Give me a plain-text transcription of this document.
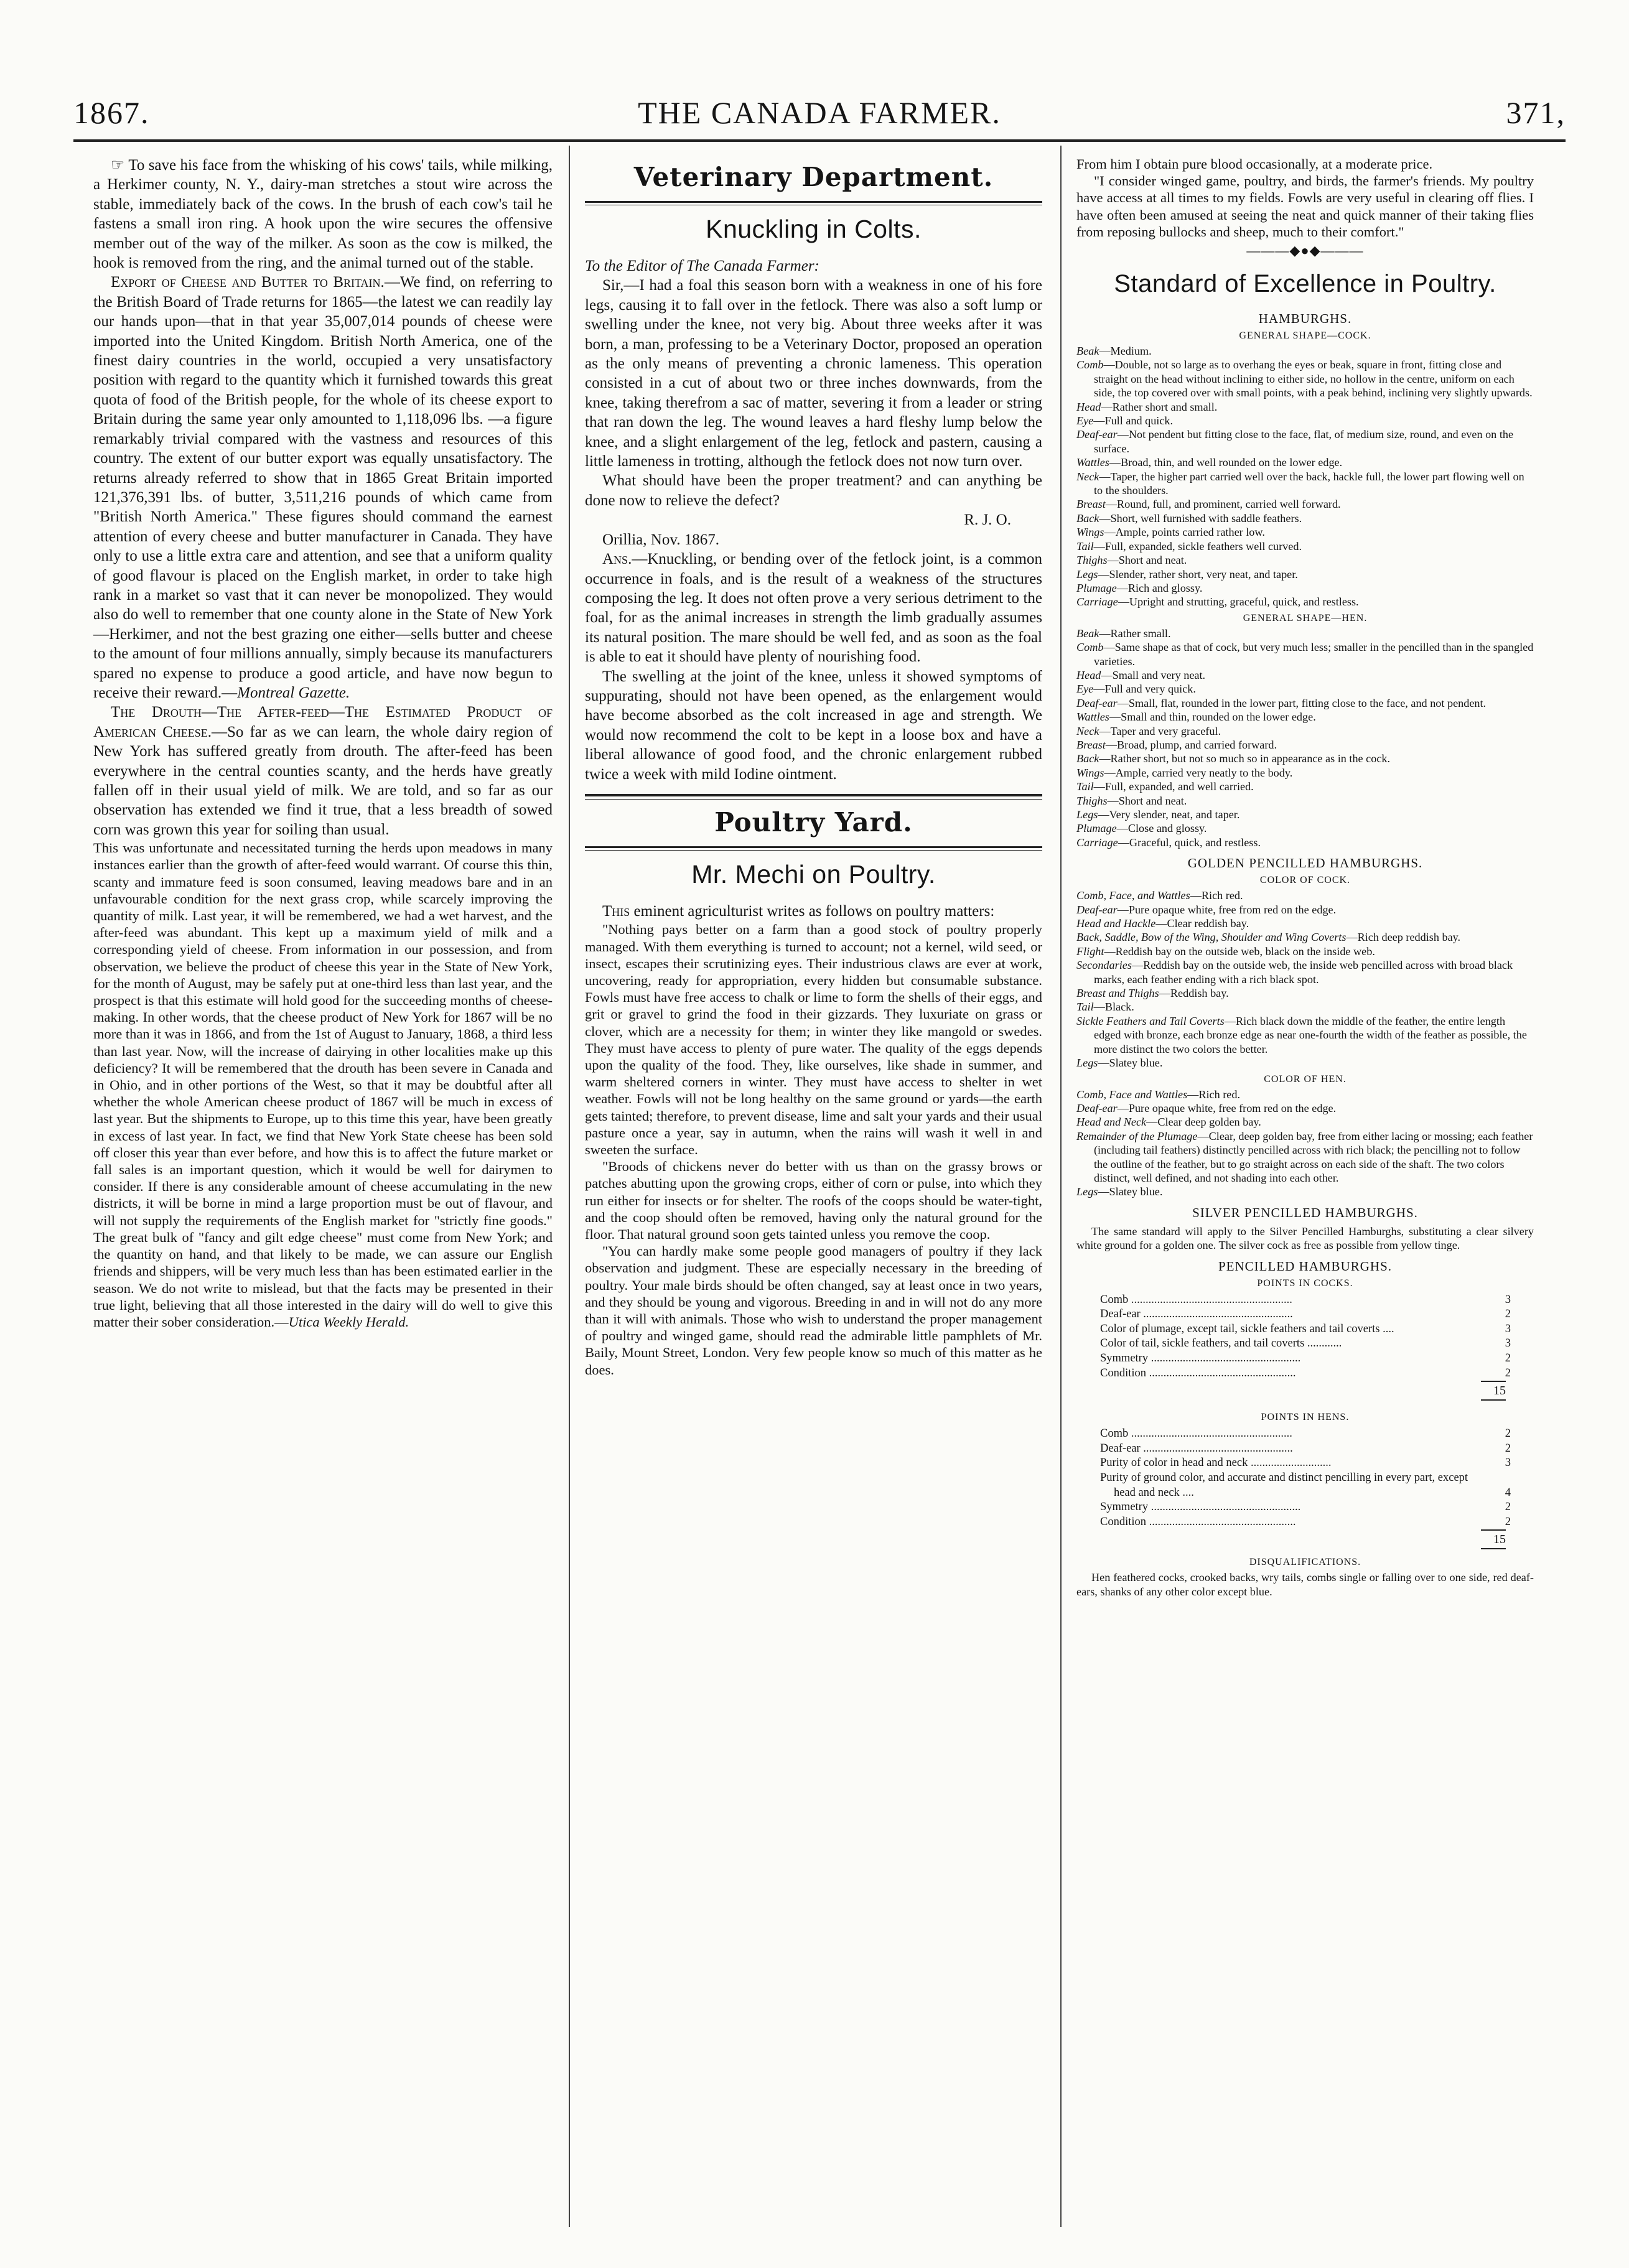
THE CANADA FARMER.
1867.	371,

☞ To save his face from the whisking of his cows' tails, while milking, a Herkimer county, N. Y., dairy-man stretches a stout wire across the stable, immediately back of the cows. In the brush of each cow's tail he fastens a small iron ring. A hook upon the wire secures the offensive member out of the way of the milker. As soon as the cow is milked, the hook is removed from the ring, and the animal turned out of the stable.

Export of Cheese and Butter to Britain.—We find, on referring to the British Board of Trade returns for 1865—the latest we can readily lay our hands upon—that in that year 35,007,014 pounds of cheese were imported into the United Kingdom. British North America, one of the finest dairy countries in the world, occupied a very unsatisfactory position with regard to the quantity which it furnished towards this great quota of food of the British people, for the whole of its cheese export to Britain during the same year only amounted to 1,118,096 lbs. —a figure remarkably trivial compared with the vastness and resources of this country. The extent of our butter export was equally unsatisfactory. The returns already referred to show that in 1865 Great Britain imported 121,376,391 lbs. of butter, 3,511,216 pounds of which came from "British North America." These figures should command the earnest attention of every cheese and butter manufacturer in Canada. They have only to use a little extra care and attention, and see that a uniform quality of good flavour is placed on the English market, in order to take high rank in a market so vast that it can never be monopolized. They would also do well to remember that one county alone in the State of New York—Herkimer, and not the best grazing one either—sells butter and cheese to the amount of four millions annually, simply because its manufacturers spared no expense to produce a good article, and have now begun to receive their reward.—Montreal Gazette.

The Drouth—The After-feed—The Estimated Product of American Cheese.—So far as we can learn, the whole dairy region of New York has suffered greatly from drouth. The after-feed has been everywhere in the central counties scanty, and the herds have greatly fallen off in their usual yield of milk. We are told, and so far as our observation has extended we find it true, that a less breadth of sowed corn was grown this year for soiling than usual.

This was unfortunate and necessitated turning the herds upon meadows in many instances earlier than the growth of after-feed would warrant. Of course this thin, scanty and immature feed is soon consumed, leaving meadows bare and in an unfavourable condition for the next grass crop, while scarcely improving the quantity of milk. Last year, it will be remembered, we had a wet harvest, and the after-feed was abundant. This kept up a maximum yield of milk and a corresponding yield of cheese. From information in our possession, and from observation, we believe the product of cheese this year in the State of New York, for the month of August, may be safely put at one-third less than last year, and the prospect is that this estimate will hold good for the succeeding months of cheese-making. In other words, that the cheese product of New York for 1867 will be no more than it was in 1866, and from the 1st of August to January, 1868, a third less than last year. Now, will the increase of dairying in other localities make up this deficiency? It will be remembered that the drouth has been severe in Canada and in Ohio, and in other portions of the West, so that it may be doubtful after all whether the whole American cheese product of 1867 will be much in excess of last year. But the shipments to Europe, up to this time this year, have been greatly in excess of last year. In fact, we find that New York State cheese has been sold off closer this year than ever before, and how this is to affect the future market or fall sales is an important question, which it would be well for dairymen to consider. If there is any considerable amount of cheese accumulating in the new districts, it will be borne in mind a large proportion must be out of flavour, and will not supply the requirements of the English market for "strictly fine goods." The great bulk of "fancy and gilt edge cheese" must come from New York; and the quantity on hand, and that likely to be made, we can assure our English friends and shippers, will be very much less than has been estimated earlier in the season. We do not write to mislead, but that the facts may be presented in their true light, believing that all those interested in the dairy will do well to give this matter their sober consideration.—Utica Weekly Herald.

Veterinary Department.
Knuckling in Colts.

To the Editor of The Canada Farmer:

Sir,—I had a foal this season born with a weakness in one of his fore legs, causing it to fall over in the fetlock. There was also a soft lump or swelling under the knee, not very big. About three weeks after it was born, a man, professing to be a Veterinary Doctor, proposed an operation as the only means of preventing a chronic lameness. This operation consisted in a cut of about two or three inches downwards, from the knee, taking therefrom a sac of matter, severing it from a leader or string that ran down the leg. The wound leaves a hard fleshy lump below the knee, and a slight enlargement of the leg, fetlock and pastern, causing a little lameness in trotting, although the fetlock does not now turn over.

What should have been the proper treatment? and can anything be done now to relieve the defect?

R. J. O.

Orillia, Nov. 1867.

Ans.—Knuckling, or bending over of the fetlock joint, is a common occurrence in foals, and is the result of a weakness of the structures composing the leg. It does not often prove a very serious detriment to the foal, for as the animal increases in strength the limb gradually assumes its natural position. The mare should be well fed, and as soon as the foal is able to eat it should have plenty of nourishing food.

The swelling at the joint of the knee, unless it showed symptoms of suppurating, should not have been opened, as the enlargement would have become absorbed as the colt increased in age and strength. We would now recommend the colt to be kept in a loose box and have a liberal allowance of good food, and the chronic enlargement rubbed twice a week with mild Iodine ointment.

Poultry Yard.
Mr. Mechi on Poultry.

This eminent agriculturist writes as follows on poultry matters:

"Nothing pays better on a farm than a good stock of poultry properly managed. With them everything is turned to account; not a kernel, wild seed, or insect, escapes their scrutinizing eyes. Their industrious claws are ever at work, uncovering, ready for appropriation, every hidden but consumable substance. Fowls must have free access to chalk or lime to form the shells of their eggs, and grit or gravel to grind the food in their gizzards. They luxuriate on grass or clover, which are a necessity for them; in winter they like mangold or swedes. They must have access to plenty of pure water. The quality of the eggs depends upon the quality of the food. They, like ourselves, like shade in summer, and warm sheltered corners in winter. They must have access to shelter in wet weather. Fowls will not be long healthy on the same ground or yards—the earth gets tainted; therefore, to prevent disease, lime and salt your yards and their usual pasture once a year, say in autumn, when the rains will wash it well in and sweeten the surface.

"Broods of chickens never do better with us than on the grassy brows or patches abutting upon the growing crops, either of corn or pulse, into which they run either for insects or for shelter. The roofs of the coops should be water-tight, and the coop should often be removed, having only the natural ground for the floor. That natural ground soon gets tainted unless you remove the coop.

"You can hardly make some people good managers of poultry if they lack observation and judgment. These are especially necessary in the breeding of poultry. Your male birds should be often changed, say at least once in two years, and they should be young and vigorous. Breeding in and in will not do any more than it will with animals. Those who wish to understand the proper management of poultry and winged game, should read the admirable little pamphlets of Mr. Baily, Mount Street, London. Very few people know so much of this matter as he does.

From him I obtain pure blood occasionally, at a moderate price.

"I consider winged game, poultry, and birds, the farmer's friends. My poultry have access at all times to my fields. Fowls are very useful in clearing off flies. I have often been amused at seeing the neat and quick manner of their taking flies from reposing bullocks and sheep, much to their comfort."

———◆●◆———
Standard of Excellence in Poultry.
HAMBURGHS.
GENERAL SHAPE—COCK.

Beak—Medium.

Comb—Double, not so large as to overhang the eyes or beak, square in front, fitting close and straight on the head without inclining to either side, no hollow in the centre, uniform on each side, the top covered over with small points, with a peak behind, inclining very slightly upwards.

Head—Rather short and small.

Eye—Full and quick.

Deaf-ear—Not pendent but fitting close to the face, flat, of medium size, round, and even on the surface.

Wattles—Broad, thin, and well rounded on the lower edge.

Neck—Taper, the higher part carried well over the back, hackle full, the lower part flowing well on to the shoulders.

Breast—Round, full, and prominent, carried well forward.

Back—Short, well furnished with saddle feathers.

Wings—Ample, points carried rather low.

Tail—Full, expanded, sickle feathers well curved.

Thighs—Short and neat.

Legs—Slender, rather short, very neat, and taper.

Plumage—Rich and glossy.

Carriage—Upright and strutting, graceful, quick, and restless.

GENERAL SHAPE—HEN.

Beak—Rather small.

Comb—Same shape as that of cock, but very much less; smaller in the pencilled than in the spangled varieties.

Head—Small and very neat.

Eye—Full and very quick.

Deaf-ear—Small, flat, rounded in the lower part, fitting close to the face, and not pendent.

Wattles—Small and thin, rounded on the lower edge.

Neck—Taper and very graceful.

Breast—Broad, plump, and carried forward.

Back—Rather short, but not so much so in appearance as in the cock.

Wings—Ample, carried very neatly to the body.

Tail—Full, expanded, and well carried.

Thighs—Short and neat.

Legs—Very slender, neat, and taper.

Plumage—Close and glossy.

Carriage—Graceful, quick, and restless.

GOLDEN PENCILLED HAMBURGHS.
COLOR OF COCK.

Comb, Face, and Wattles—Rich red.

Deaf-ear—Pure opaque white, free from red on the edge.

Head and Hackle—Clear reddish bay.

Back, Saddle, Bow of the Wing, Shoulder and Wing Coverts—Rich deep reddish bay.

Flight—Reddish bay on the outside web, black on the inside web.

Secondaries—Reddish bay on the outside web, the inside web pencilled across with broad black marks, each feather ending with a rich black spot.

Breast and Thighs—Reddish bay.

Tail—Black.

Sickle Feathers and Tail Coverts—Rich black down the middle of the feather, the entire length edged with bronze, each bronze edge as near one-fourth the width of the feather as possible, the more distinct the two colors the better.

Legs—Slatey blue.

COLOR OF HEN.

Comb, Face and Wattles—Rich red.

Deaf-ear—Pure opaque white, free from red on the edge.

Head and Neck—Clear deep golden bay.

Remainder of the Plumage—Clear, deep golden bay, free from either lacing or mossing; each feather (including tail feathers) distinctly pencilled across with rich black; the pencilling not to follow the outline of the feather, but to go straight across on each side of the shaft. The two colors distinct, well defined, and not shading into each other.

Legs—Slatey blue.

SILVER PENCILLED HAMBURGHS.

The same standard will apply to the Silver Pencilled Hamburghs, substituting a clear silvery white ground for a golden one. The silver cock as free as possible from yellow tinge.

PENCILLED HAMBURGHS.
POINTS IN COCKS.
Comb ........................................................	3
Deaf-ear ....................................................	2
Color of plumage, except tail, sickle feathers and tail coverts ....	3
Color of tail, sickle feathers, and tail coverts ............	3
Symmetry ....................................................	2
Condition ...................................................	2
15
POINTS IN HENS.
Comb ........................................................	2
Deaf-ear ....................................................	2
Purity of color in head and neck ............................	3
Purity of ground color, and accurate and distinct pencilling in every part, except head and neck ....	4
Symmetry ....................................................	2
Condition ...................................................	2
15
DISQUALIFICATIONS.

Hen feathered cocks, crooked backs, wry tails, combs single or falling over to one side, red deaf-ears, shanks of any other color except blue.
